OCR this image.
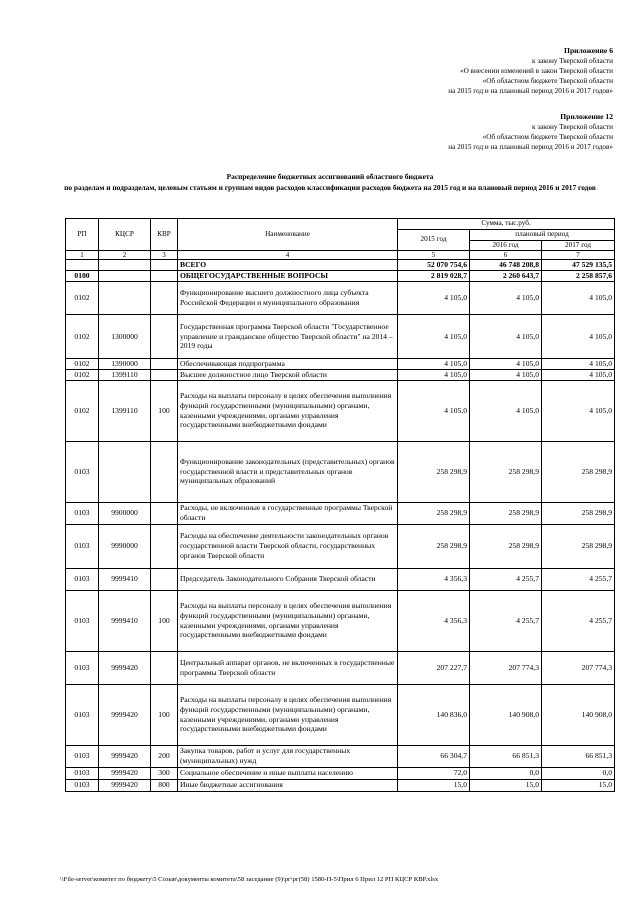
Приложение 6
к закону Тверской области
«О внесении изменений в закон Тверской области
«Об областном бюджете Тверской области
на 2015 год и на плановый период 2016 и 2017 годов»
Приложение 12
к закону Тверской области
«Об областном бюджете Тверской области
на 2015 год и на плановый период 2016 и 2017 годов»
Распределение бюджетных ассигнований областного бюджета
по разделам и подразделам, целевым статьям и группам видов расходов классификации расходов бюджета на 2015 год и на плановый период 2016 и 2017 годов
РП	КЦСР	КВР	Наименование	Сумма, тыс.руб.		
				2015 год	плановый период	
					2016 год	2017 год
1	2	3	4	5	6	7
			ВСЕГО	52 070 754,6	46 748 208,8	47 529 135,5
0100			ОБЩЕГОСУДАРСТВЕННЫЕ ВОПРОСЫ	2 819 028,7	2 260 643,7	2 258 857,6
0102			Функционирование высшего должностного лица субъекта Российской Федерации и муниципального образования	4 105,0	4 105,0	4 105,0
0102	1300000		Государственная программа Тверской области "Государственное управление и гражданское общество Тверской области" на 2014 – 2019 годы	4 105,0	4 105,0	4 105,0
0102	1390000		Обеспечивающая подпрограмма	4 105,0	4 105,0	4 105,0
0102	1399110		Высшее должностное лицо Тверской области	4 105,0	4 105,0	4 105,0
0102	1399110	100	Расходы на выплаты персоналу в целях обеспечения выполнения функций государственными (муниципальными) органами, казенными учреждениями, органами управления государственными внебюджетными фондами	4 105,0	4 105,0	4 105,0
0103			Функционирование законодательных (представительных) органов государственной власти и представительных органов муниципальных образований	258 298,9	258 298,9	258 298,9
0103	9900000		Расходы, не включенные в государственные программы Тверской области	258 298,9	258 298,9	258 298,9
0103	9990000		Расходы на обеспечение деятельности законодательных органов государственной власти Тверской области, государственных органов Тверской области	258 298,9	258 298,9	258 298,9
0103	9999410		Председатель Законодательного Собрания Тверской области	4 356,3	4 255,7	4 255,7
0103	9999410	100	Расходы на выплаты персоналу в целях обеспечения выполнения функций государственными (муниципальными) органами, казенными учреждениями, органами управления государственными внебюджетными фондами	4 356,3	4 255,7	4 255,7
0103	9999420		Центральный аппарат органов, не включенных в государственные программы Тверской области	207 227,7	207 774,3	207 774,3
0103	9999420	100	Расходы на выплаты персоналу в целях обеспечения выполнения функций государственными (муниципальными) органами, казенными учреждениями, органами управления государственными внебюджетными фондами	140 836,0	140 908,0	140 908,0
0103	9999420	200	Закупка товаров, работ и услуг для государственных (муниципальных) нужд	66 304,7	66 851,3	66 851,3
0103	9999420	300	Социальное обеспечение и иные выплаты населению	72,0	0,0	0,0
0103	9999420	800	Иные бюджетные ассигнования	15,0	15,0	15,0
\\File-server\комитет по бюджету\5 Созыв\документы комитета\58 заседание (9)\рг\рг(58) 1580-П-5\Прил 6 Прил 12 РП КЦСР КВР.xlsx
